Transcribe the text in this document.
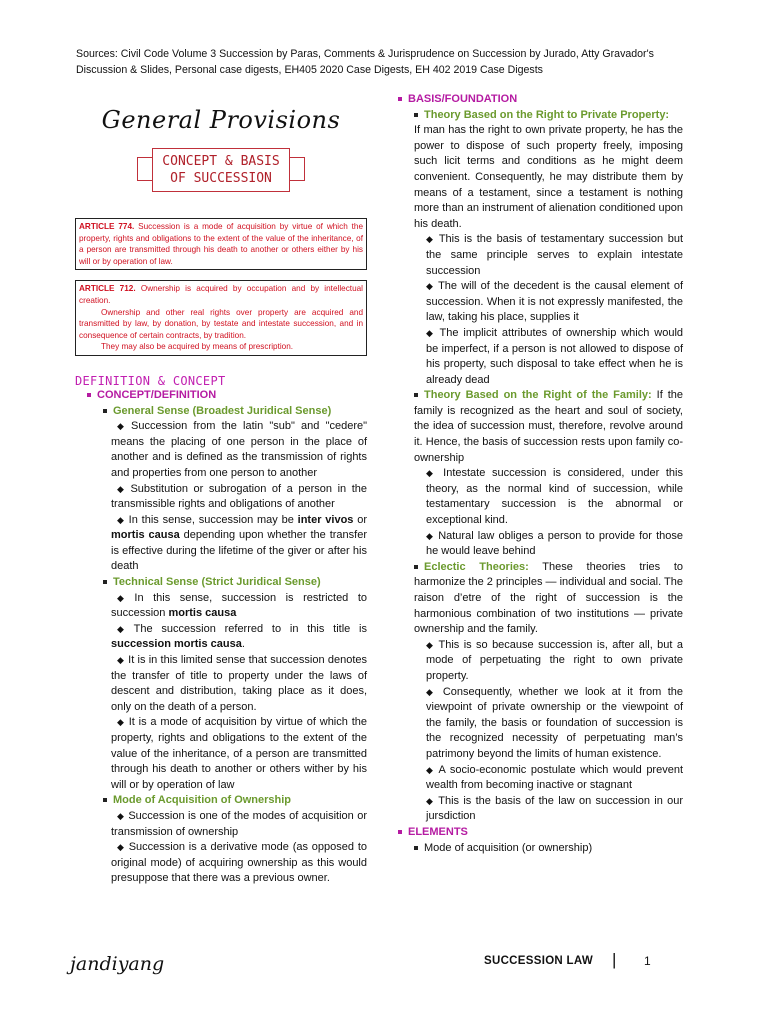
Sources: Civil Code Volume 3 Succession by Paras, Comments & Jurisprudence on Succession by Jurado, Atty Gravador's Discussion & Slides, Personal case digests, EH405 2020 Case Digests, EH 402 2019 Case Digests
General Provisions
CONCEPT & BASIS
OF SUCCESSION
ARTICLE 774. Succession is a mode of acquisition by virtue of which the property, rights and obligations to the extent of the value of the inheritance, of a person are transmitted through his death to another or others either by his will or by operation of law.
ARTICLE 712. Ownership is acquired by occupation and by intellectual creation.
Ownership and other real rights over property are acquired and transmitted by law, by donation, by testate and intestate succession, and in consequence of certain contracts, by tradition.
They may also be acquired by means of prescription.
DEFINITION & CONCEPT
CONCEPT/DEFINITION
General Sense (Broadest Juridical Sense)
◆ Succession from the latin "sub" and "cedere" means the placing of one person in the place of another and is defined as the transmission of rights and properties from one person to another
◆ Substitution or subrogation of a person in the transmissible rights and obligations of another
◆ In this sense, succession may be inter vivos or mortis causa depending upon whether the transfer is effective during the lifetime of the giver or after his death
Technical Sense (Strict Juridical Sense)
◆ In this sense, succession is restricted to succession mortis causa
◆ The succession referred to in this title is succession mortis causa.
◆ It is in this limited sense that succession denotes the transfer of title to property under the laws of descent and distribution, taking place as it does, only on the death of a person.
◆ It is a mode of acquisition by virtue of which the property, rights and obligations to the extent of the value of the inheritance, of a person are transmitted through his death to another or others wither by his will or by operation of law
Mode of Acquisition of Ownership
◆ Succession is one of the modes of acquisition or transmission of ownership
◆ Succession is a derivative mode (as opposed to original mode) of acquiring ownership as this would presuppose that there was a previous owner.
BASIS/FOUNDATION
Theory Based on the Right to Private Property:
If man has the right to own private property, he has the power to dispose of such property freely, imposing such licit terms and conditions as he might deem convenient. Consequently, he may distribute them by means of a testament, since a testament is nothing more than an instrument of alienation conditioned upon his death.
◆ This is the basis of testamentary succession but the same principle serves to explain intestate succession
◆ The will of the decedent is the causal element of succession. When it is not expressly manifested, the law, taking his place, supplies it
◆ The implicit attributes of ownership which would be imperfect, if a person is not allowed to dispose of his property, such disposal to take effect when he is already dead
Theory Based on the Right of the Family: If the family is recognized as the heart and soul of society, the idea of succession must, therefore, revolve around it. Hence, the basis of succession rests upon family co-ownership
◆ Intestate succession is considered, under this theory, as the normal kind of succession, while testamentary succession is the abnormal or exceptional kind.
◆ Natural law obliges a person to provide for those he would leave behind
Eclectic Theories: These theories tries to harmonize the 2 principles — individual and social. The raison d’etre of the right of succession is the harmonious combination of two institutions — private ownership and the family.
◆ This is so because succession is, after all, but a mode of perpetuating the right to own private property.
◆ Consequently, whether we look at it from the viewpoint of private ownership or the viewpoint of the family, the basis or foundation of succession is the recognized necessity of perpetuating man’s patrimony beyond the limits of human existence.
◆ A socio-economic postulate which would prevent wealth from becoming inactive or stagnant
◆ This is the basis of the law on succession in our jursdiction
ELEMENTS
Mode of acquisition (or ownership)
jandiyang	SUCCESSION LAW | 1
